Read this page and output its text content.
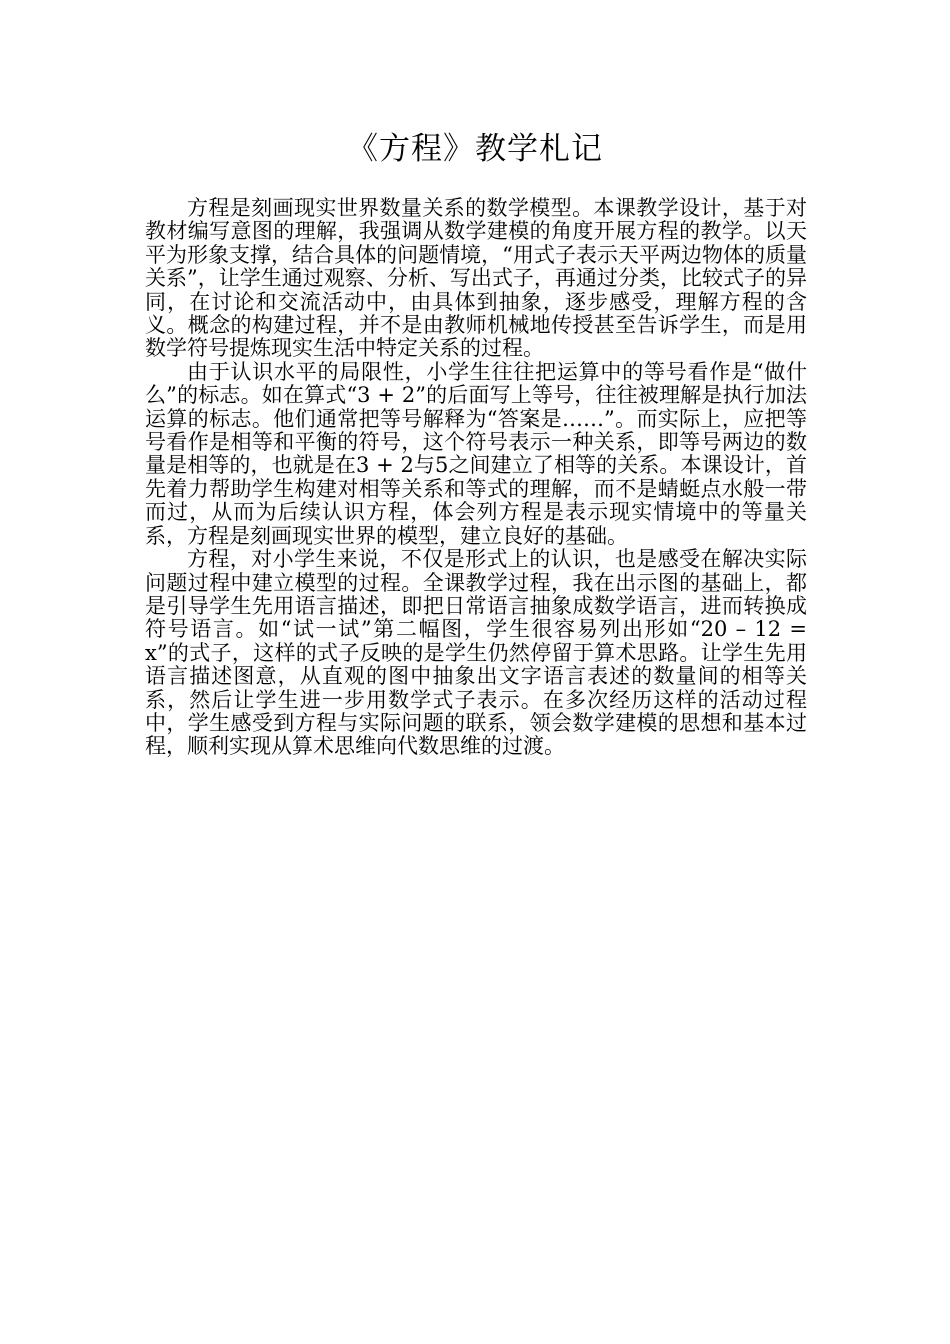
《方程》教学札记

方程是刻画现实世界数量关系的数学模型。本课教学设计，基于对教材编写意图的理解，我强调从数学建模的角度开展方程的教学。以天平为形象支撑，结合具体的问题情境，“用式子表示天平两边物体的质量关系”，让学生通过观察、分析、写出式子，再通过分类，比较式子的异同，在讨论和交流活动中，由具体到抽象，逐步感受，理解方程的含义。概念的构建过程，并不是由教师机械地传授甚至告诉学生，而是用数学符号提炼现实生活中特定关系的过程。

由于认识水平的局限性，小学生往往把运算中的等号看作是“做什么”的标志。如在算式“3 + 2”的后面写上等号，往往被理解是执行加法运算的标志。他们通常把等号解释为“答案是……”。而实际上，应把等号看作是相等和平衡的符号，这个符号表示一种关系，即等号两边的数量是相等的，也就是在3 + 2与5之间建立了相等的关系。本课设计，首先着力帮助学生构建对相等关系和等式的理解，而不是蜻蜓点水般一带而过，从而为后续认识方程，体会列方程是表示现实情境中的等量关系，方程是刻画现实世界的模型，建立良好的基础。

方程，对小学生来说，不仅是形式上的认识，也是感受在解决实际问题过程中建立模型的过程。全课教学过程，我在出示图的基础上，都是引导学生先用语言描述，即把日常语言抽象成数学语言，进而转换成符号语言。如“试一试”第二幅图，学生很容易列出形如“20 – 12 = x”的式子，这样的式子反映的是学生仍然停留于算术思路。让学生先用语言描述图意，从直观的图中抽象出文字语言表述的数量间的相等关系，然后让学生进一步用数学式子表示。在多次经历这样的活动过程中，学生感受到方程与实际问题的联系，领会数学建模的思想和基本过程，顺利实现从算术思维向代数思维的过渡。
